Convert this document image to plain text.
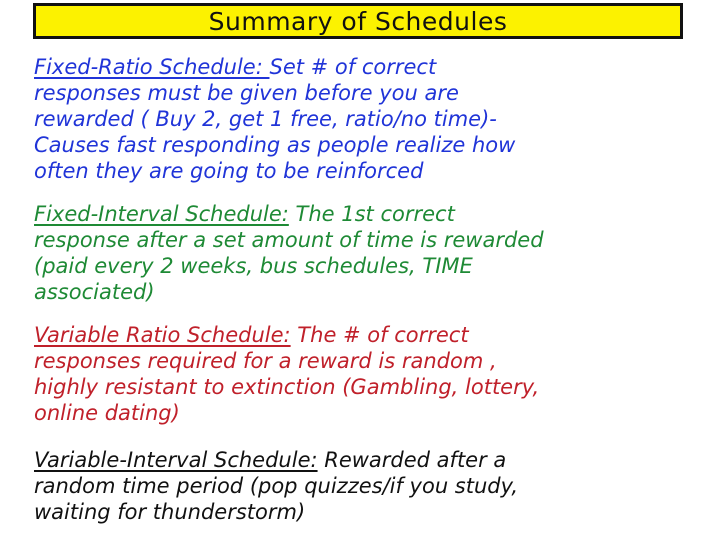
Summary of Schedules
Fixed-Ratio Schedule: Set # of correct
responses must be given before you are
rewarded ( Buy 2, get 1 free, ratio/no time)-
Causes fast responding as people realize how
often they are going to be reinforced
Fixed-Interval Schedule: The 1st correct
response after a set amount of time is rewarded
(paid every 2 weeks, bus schedules, TIME
associated)
Variable Ratio Schedule: The # of correct
responses required for a reward is random ,
highly resistant to extinction (Gambling, lottery,
online dating)
Variable-Interval Schedule: Rewarded after a
random time period (pop quizzes/if you study,
waiting for thunderstorm)
